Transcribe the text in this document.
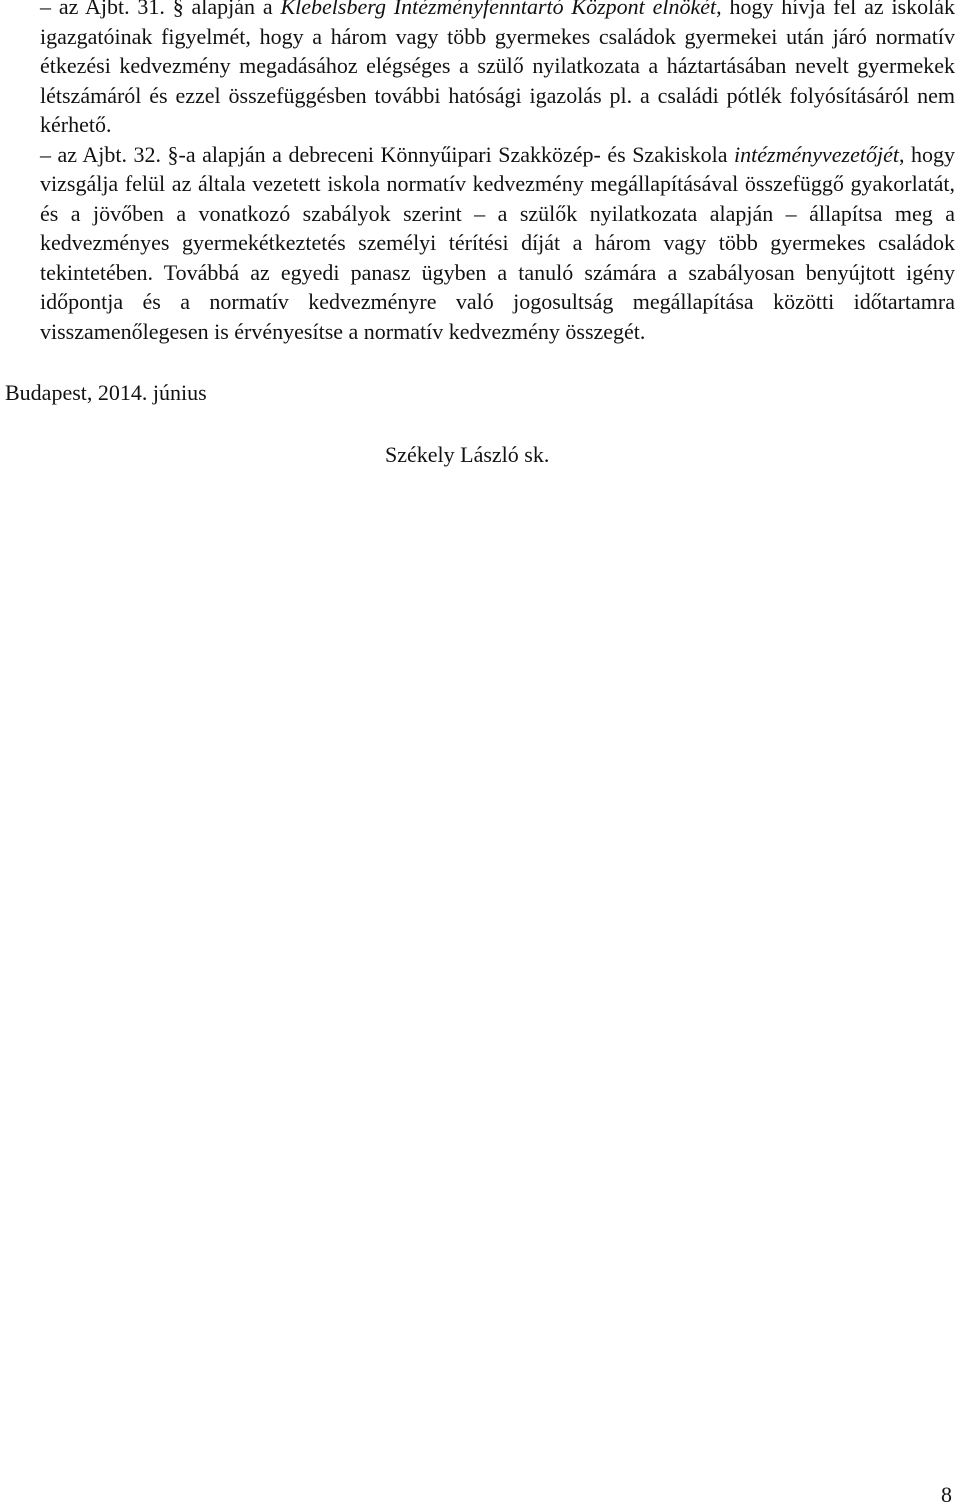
– az Ajbt. 31. § alapján a Klebelsberg Intézményfenntartó Központ elnökét, hogy hívja fel az iskolák igazgatóinak figyelmét, hogy a három vagy több gyermekes családok gyermekei után járó normatív étkezési kedvezmény megadásához elégséges a szülő nyilatkozata a háztartásában nevelt gyermekek létszámáról és ezzel összefüggésben további hatósági igazolás pl. a családi pótlék folyósításáról nem kérhető.

– az Ajbt. 32. §-a alapján a debreceni Könnyűipari Szakközép- és Szakiskola intézményvezetőjét, hogy vizsgálja felül az általa vezetett iskola normatív kedvezmény megállapításával összefüggő gyakorlatát, és a jövőben a vonatkozó szabályok szerint – a szülők nyilatkozata alapján – állapítsa meg a kedvezményes gyermekétkeztetés személyi térítési díját a három vagy több gyermekes családok tekintetében. Továbbá az egyedi panasz ügyben a tanuló számára a szabályosan benyújtott igény időpontja és a normatív kedvezményre való jogosultság megállapítása közötti időtartamra visszamenőlegesen is érvényesítse a normatív kedvezmény összegét.

Budapest, 2014. június

Székely László sk.

8
